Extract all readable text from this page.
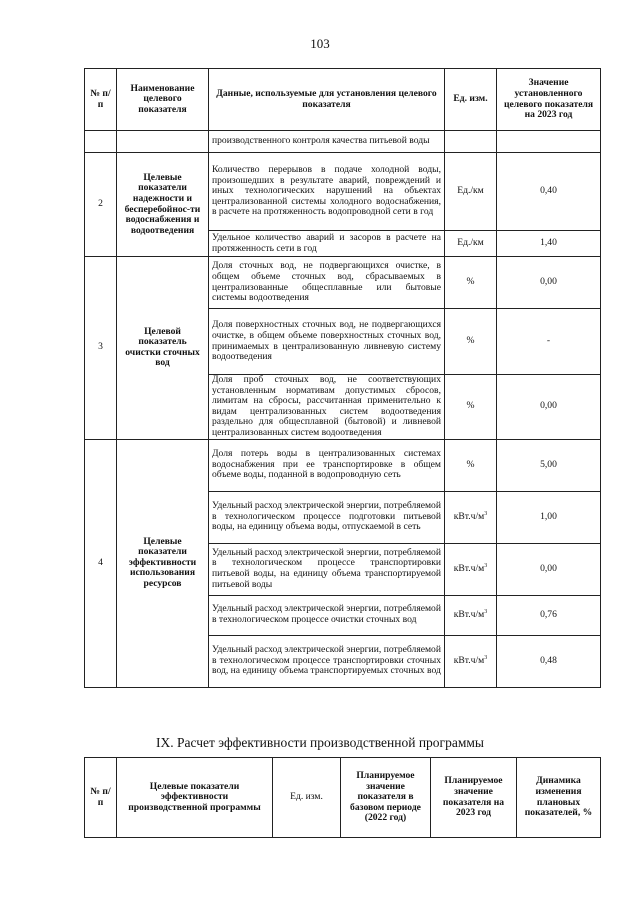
103
№ п/п	Наименование целевого показателя	Данные, используемые для установления целевого показателя	Ед. изм.	Значение установленного целевого показателя на 2023 год
		производственного контроля качества питьевой воды		
2	Целевые показатели надежности и бесперебойнос-ти водоснабжения и водоотведения	Количество перерывов в подаче холодной воды, произошедших в результате аварий, повреждений и иных технологических нарушений на объектах централизованной системы холодного водоснабжения, в расчете на протяженность водопроводной сети в год	Ед./км	0,40
		Удельное количество аварий и засоров в расчете на протяженность сети в год	Ед./км	1,40
3	Целевой показатель очистки сточных вод	Доля сточных вод, не подвергающихся очистке, в общем объеме сточных вод, сбрасываемых в централизованные общесплавные или бытовые системы водоотведения	%	0,00
		Доля поверхностных сточных вод, не подвергающихся очистке, в общем объеме поверхностных сточных вод, принимаемых в централизованную ливневую систему водоотведения	%	-
		Доля проб сточных вод, не соответствующих установленным нормативам допустимых сбросов, лимитам на сбросы, рассчитанная применительно к видам централизованных систем водоотведения раздельно для общесплавной (бытовой) и ливневой централизованных систем водоотведения	%	0,00
4	Целевые показатели эффективности использования ресурсов	Доля потерь воды в централизованных системах водоснабжения при ее транспортировке в общем объеме воды, поданной в водопроводную сеть	%	5,00
		Удельный расход электрической энергии, потребляемой в технологическом процессе подготовки питьевой воды, на единицу объема воды, отпускаемой в сеть	$кВт.ч/м^3$	1,00
		Удельный расход электрической энергии, потребляемой в технологическом процессе транспортировки питьевой воды, на единицу объема транспортируемой питьевой воды	$кВт.ч/м^3$	0,00
		Удельный расход электрической энергии, потребляемой в технологическом процессе очистки сточных вод	$кВт.ч/м^3$	0,76
		Удельный расход электрической энергии, потребляемой в технологическом процессе транспортировки сточных вод, на единицу объема транспортируемых сточных вод	$кВт.ч/м^3$	0,48
IX. Расчет эффективности производственной программы
№ п/п	Целевые показатели эффективности производственной программы	Ед. изм.	Планируемое значение показателя в базовом периоде (2022 год)	Планируемое значение показателя на 2023 год	Динамика изменения плановых показателей, %
